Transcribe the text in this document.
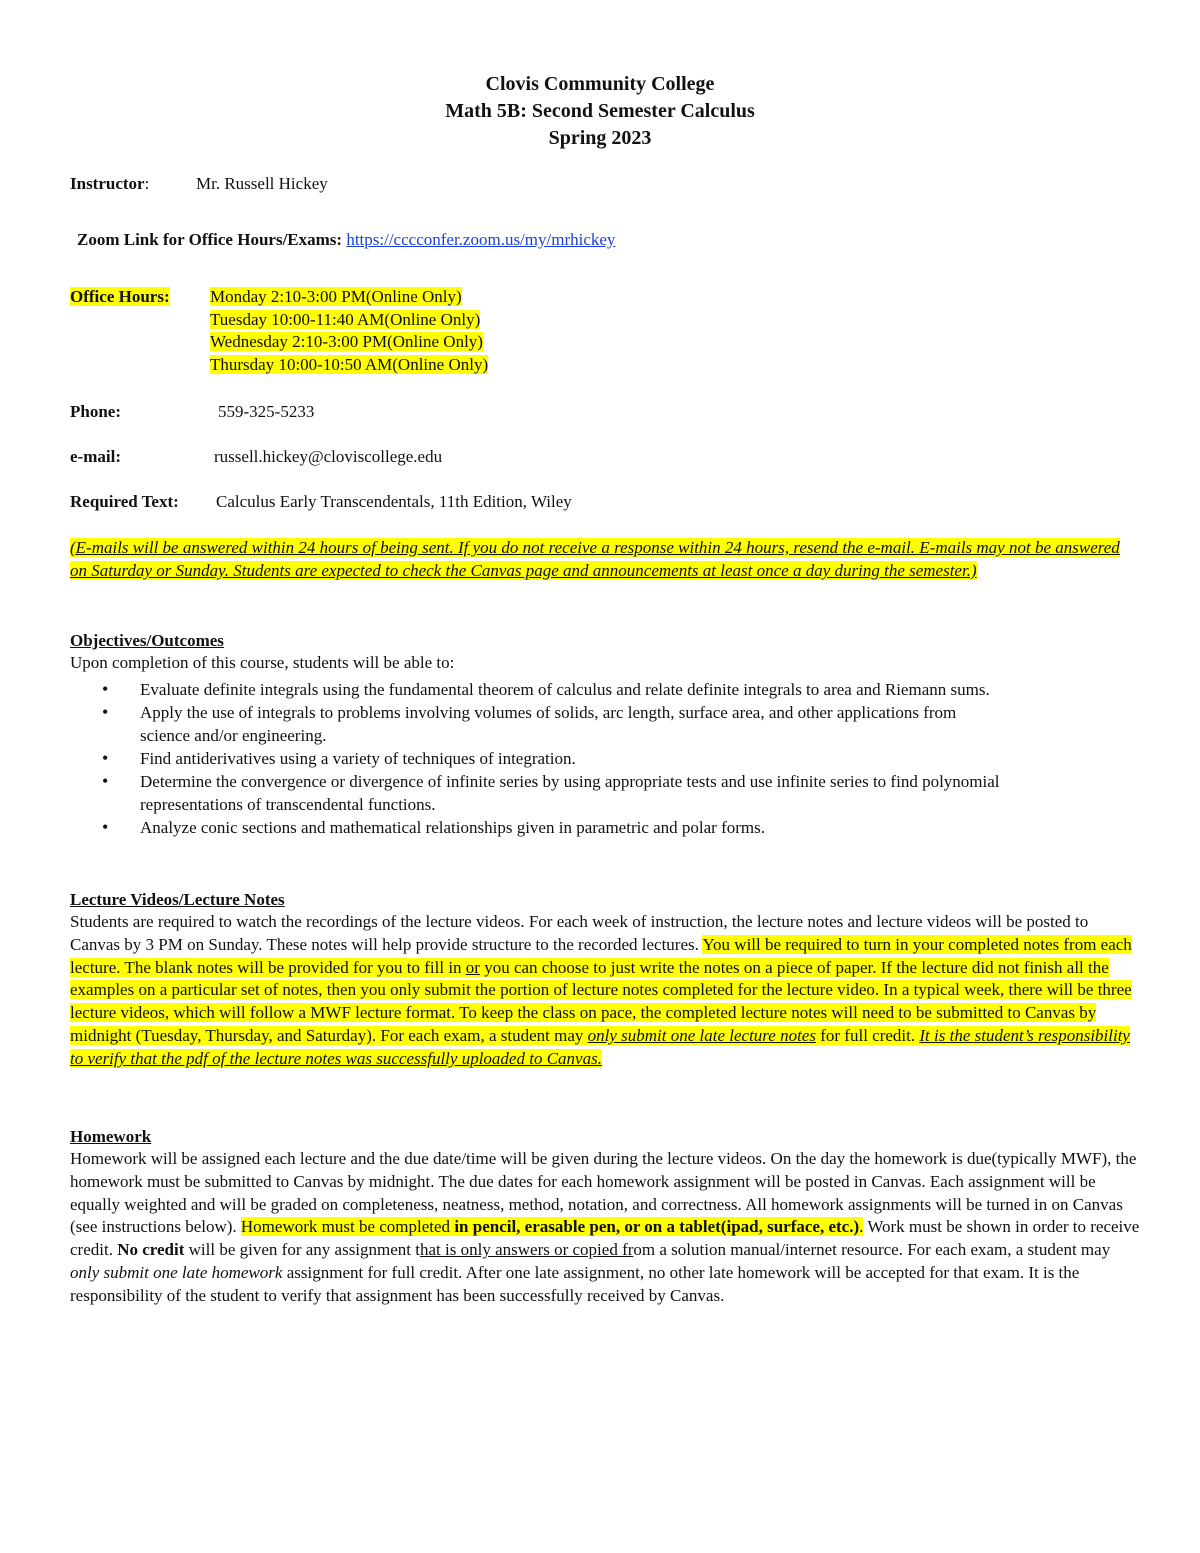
Clovis Community College
Math 5B: Second Semester Calculus
Spring 2023
Instructor:	Mr. Russell Hickey
Zoom Link for Office Hours/Exams: https://cccconfer.zoom.us/my/mrhickey
Office Hours: Monday 2:10-3:00 PM(Online Only)
Tuesday 10:00-11:40 AM(Online Only)
Wednesday 2:10-3:00 PM(Online Only)
Thursday 10:00-10:50 AM(Online Only)
Phone:	559-325-5233
e-mail:	russell.hickey@cloviscollege.edu
Required Text: Calculus Early Transcendentals, 11th Edition, Wiley
(E-mails will be answered within 24 hours of being sent. If you do not receive a response within 24 hours, resend the e-mail. E-mails may not be answered on Saturday or Sunday. Students are expected to check the Canvas page and announcements at least once a day during the semester.)
Objectives/Outcomes
Upon completion of this course, students will be able to:
• Evaluate definite integrals using the fundamental theorem of calculus and relate definite integrals to area and Riemann sums.
• Apply the use of integrals to problems involving volumes of solids, arc length, surface area, and other applications from science and/or engineering.
• Find antiderivatives using a variety of techniques of integration.
• Determine the convergence or divergence of infinite series by using appropriate tests and use infinite series to find polynomial representations of transcendental functions.
• Analyze conic sections and mathematical relationships given in parametric and polar forms.
Lecture Videos/Lecture Notes
Students are required to watch the recordings of the lecture videos. For each week of instruction, the lecture notes and lecture videos will be posted to Canvas by 3 PM on Sunday. These notes will help provide structure to the recorded lectures. You will be required to turn in your completed notes from each lecture. The blank notes will be provided for you to fill in or you can choose to just write the notes on a piece of paper. If the lecture did not finish all the examples on a particular set of notes, then you only submit the portion of lecture notes completed for the lecture video. In a typical week, there will be three lecture videos, which will follow a MWF lecture format. To keep the class on pace, the completed lecture notes will need to be submitted to Canvas by midnight (Tuesday, Thursday, and Saturday). For each exam, a student may only submit one late lecture notes for full credit. It is the student’s responsibility to verify that the pdf of the lecture notes was successfully uploaded to Canvas.
Homework
Homework will be assigned each lecture and the due date/time will be given during the lecture videos. On the day the homework is due(typically MWF), the homework must be submitted to Canvas by midnight. The due dates for each homework assignment will be posted in Canvas. Each assignment will be equally weighted and will be graded on completeness, neatness, method, notation, and correctness. All homework assignments will be turned in on Canvas (see instructions below). Homework must be completed in pencil, erasable pen, or on a tablet(ipad, surface, etc.). Work must be shown in order to receive credit. No credit will be given for any assignment that is only answers or copied from a solution manual/internet resource. For each exam, a student may only submit one late homework assignment for full credit. After one late assignment, no other late homework will be accepted for that exam. It is the responsibility of the student to verify that assignment has been successfully received by Canvas.
